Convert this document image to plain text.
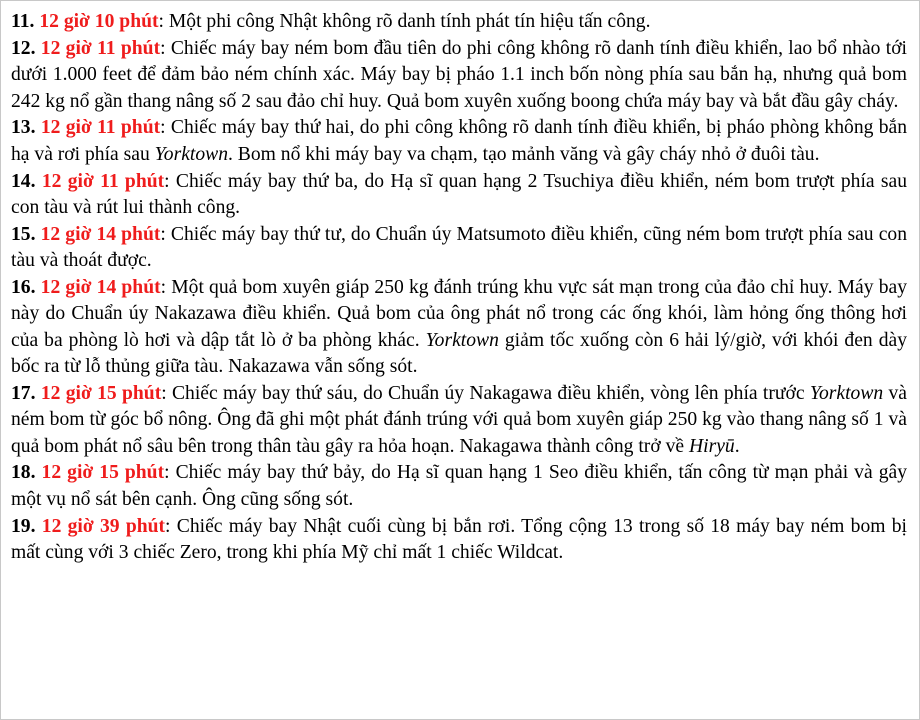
11. 12 giờ 10 phút: Một phi công Nhật không rõ danh tính phát tín hiệu tấn công.

12. 12 giờ 11 phút: Chiếc máy bay ném bom đầu tiên do phi công không rõ danh tính điều khiển, lao bổ nhào tới dưới 1.000 feet để đảm bảo ném chính xác. Máy bay bị pháo 1.1 inch bốn nòng phía sau bắn hạ, nhưng quả bom 242 kg nổ gần thang nâng số 2 sau đảo chỉ huy. Quả bom xuyên xuống boong chứa máy bay và bắt đầu gây cháy.

13. 12 giờ 11 phút: Chiếc máy bay thứ hai, do phi công không rõ danh tính điều khiển, bị pháo phòng không bắn hạ và rơi phía sau Yorktown. Bom nổ khi máy bay va chạm, tạo mảnh văng và gây cháy nhỏ ở đuôi tàu.

14. 12 giờ 11 phút: Chiếc máy bay thứ ba, do Hạ sĩ quan hạng 2 Tsuchiya điều khiển, ném bom trượt phía sau con tàu và rút lui thành công.

15. 12 giờ 14 phút: Chiếc máy bay thứ tư, do Chuẩn úy Matsumoto điều khiển, cũng ném bom trượt phía sau con tàu và thoát được.

16. 12 giờ 14 phút: Một quả bom xuyên giáp 250 kg đánh trúng khu vực sát mạn trong của đảo chỉ huy. Máy bay này do Chuẩn úy Nakazawa điều khiển. Quả bom của ông phát nổ trong các ống khói, làm hỏng ống thông hơi của ba phòng lò hơi và dập tắt lò ở ba phòng khác. Yorktown giảm tốc xuống còn 6 hải lý/giờ, với khói đen dày bốc ra từ lỗ thủng giữa tàu. Nakazawa vẫn sống sót.

17. 12 giờ 15 phút: Chiếc máy bay thứ sáu, do Chuẩn úy Nakagawa điều khiển, vòng lên phía trước Yorktown và ném bom từ góc bổ nông. Ông đã ghi một phát đánh trúng với quả bom xuyên giáp 250 kg vào thang nâng số 1 và quả bom phát nổ sâu bên trong thân tàu gây ra hỏa hoạn. Nakagawa thành công trở về Hiryū.

18. 12 giờ 15 phút: Chiếc máy bay thứ bảy, do Hạ sĩ quan hạng 1 Seo điều khiển, tấn công từ mạn phải và gây một vụ nổ sát bên cạnh. Ông cũng sống sót.

19. 12 giờ 39 phút: Chiếc máy bay Nhật cuối cùng bị bắn rơi. Tổng cộng 13 trong số 18 máy bay ném bom bị mất cùng với 3 chiếc Zero, trong khi phía Mỹ chỉ mất 1 chiếc Wildcat.
